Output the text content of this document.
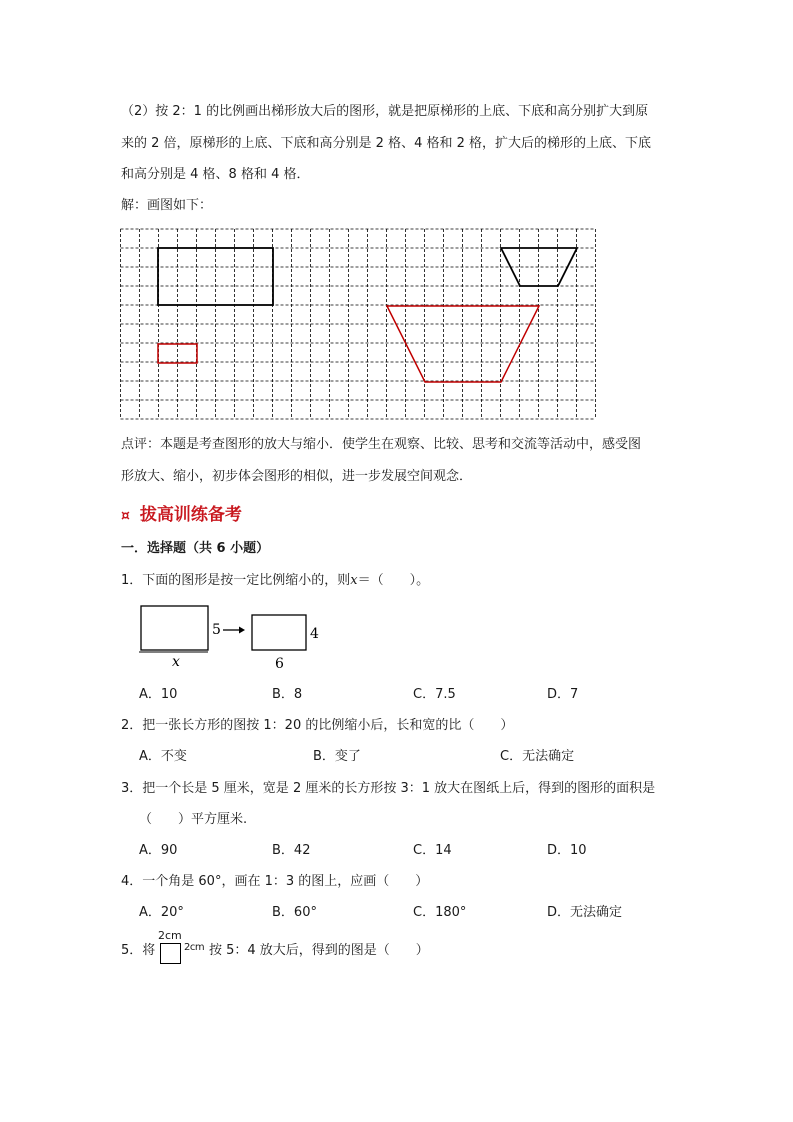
（2）按 2：1 的比例画出梯形放大后的图形，就是把原梯形的上底、下底和高分别扩大到原
来的 2 倍，原梯形的上底、下底和高分别是 2 格、4 格和 2 格，扩大后的梯形的上底、下底
和高分别是 4 格、8 格和 4 格．
解：画图如下：
点评：本题是考查图形的放大与缩小．使学生在观察、比较、思考和交流等活动中，感受图
形放大、缩小，初步体会图形的相似，进一步发展空间观念．
¤ 拔高训练备考
一．选择题（共 6 小题）
1．下面的图形是按一定比例缩小的，则x＝（　　）。
5	4
x	6
A．10	B．8	C．7.5	D．7
2．把一张长方形的图按 1：20 的比例缩小后，长和宽的比（　　）
A．不变	B．变了	C．无法确定
3．把一个长是 5 厘米，宽是 2 厘米的长方形按 3：1 放大在图纸上后，得到的图形的面积是
（　　）平方厘米.
A．90	B．42	C．14	D．10
4．一个角是 60°，画在 1：3 的图上，应画（　　）
A．20°	B．60°	C．180°	D．无法确定
5．将
2cm
2cm 按 5：4 放大后，得到的图是（　　）
